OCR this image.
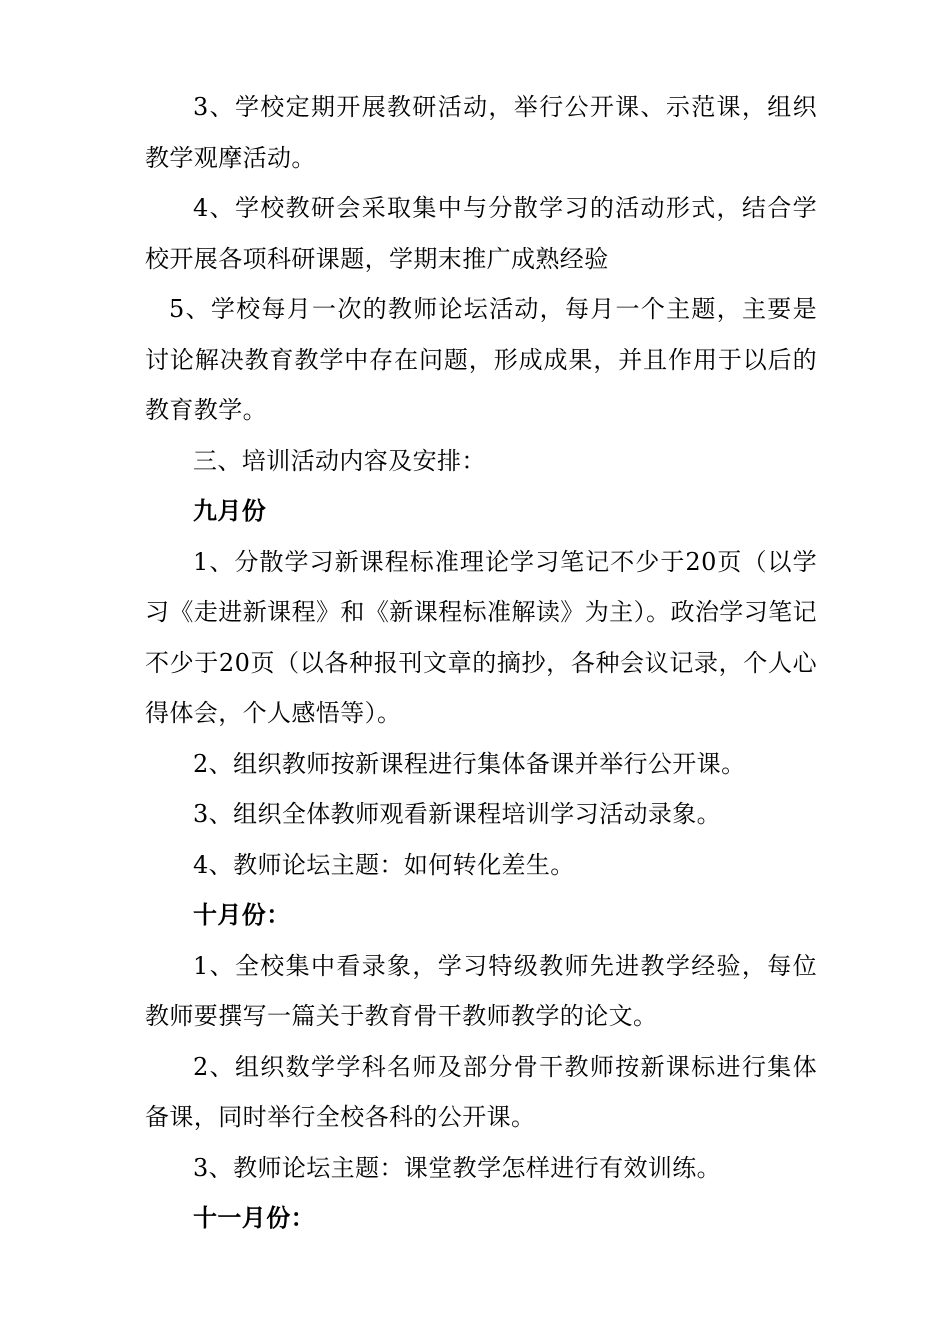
3、学校定期开展教研活动，举行公开课、示范课，组织教学观摩活动。

4、学校教研会采取集中与分散学习的活动形式，结合学校开展各项科研课题，学期末推广成熟经验

5、学校每月一次的教师论坛活动，每月一个主题，主要是讨论解决教育教学中存在问题，形成成果，并且作用于以后的教育教学。

三、培训活动内容及安排：

九月份

1、分散学习新课程标准理论学习笔记不少于20页（以学习《走进新课程》和《新课程标准解读》为主）。政治学习笔记不少于20页（以各种报刊文章的摘抄，各种会议记录，个人心得体会，个人感悟等）。

2、组织教师按新课程进行集体备课并举行公开课。

3、组织全体教师观看新课程培训学习活动录象。

4、教师论坛主题：如何转化差生。

十月份：

1、全校集中看录象，学习特级教师先进教学经验，每位教师要撰写一篇关于教育骨干教师教学的论文。

2、组织数学学科名师及部分骨干教师按新课标进行集体备课，同时举行全校各科的公开课。

3、教师论坛主题：课堂教学怎样进行有效训练。

十一月份：
